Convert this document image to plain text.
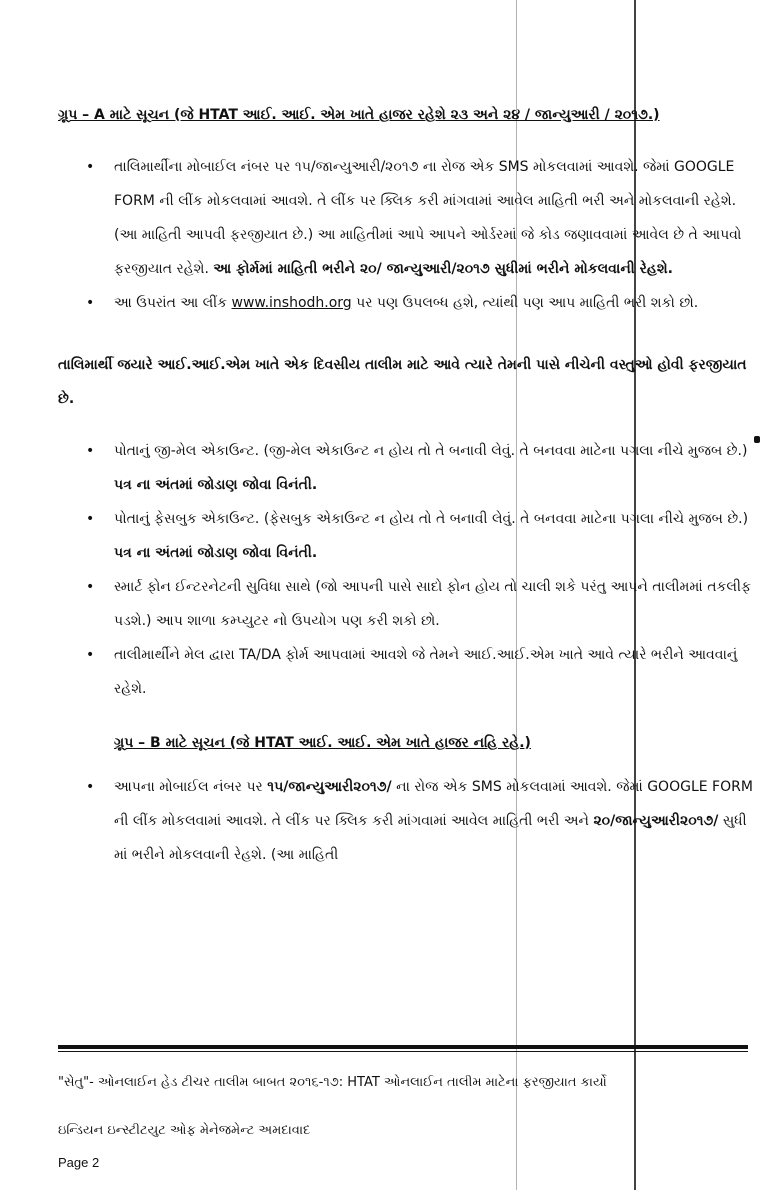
ગ્રૂપ – A માટે સૂચન (જે HTAT આઈ. આઈ. એમ ખાતે હાજર રહેશે ૨૩ અને ૨૪ / જાન્યુઆરી / ૨૦૧૭.)

• તાલિમાર્થીના મોબાઈલ નંબર પર ૧૫/જાન્યુઆરી/૨૦૧૭ ના રોજ એક SMS મોકલવામાં આવશે. જેમાં GOOGLE FORM ની લીંક મોકલવામાં આવશે. તે લીંક પર ક્લિક કરી માંગવામાં આવેલ માહિતી ભરી અને મોકલવાની રહેશે. (આ માહિતી આપવી ફરજીયાત છે.) આ માહિતીમાં આપે આપને ઓર્ડરમાં જે કોડ જણાવવામાં આવેલ છે તે આપવો ફરજીયાત રહેશે. આ ફોર્મમાં માહિતી ભરીને ૨૦/ જાન્યુઆરી/૨૦૧૭ સુધીમાં ભરીને મોકલવાની રેહશે.
• આ ઉપરાંત આ લીંક www.inshodh.org પર પણ ઉપલબ્ધ હશે, ત્યાંથી પણ આપ માહિતી ભરી શકો છો.

તાલિમાર્થી જયારે આઈ.આઈ.એમ ખાતે એક દિવસીય તાલીમ માટે આવે ત્યારે તેમની પાસે નીચેની વસ્તુઓ હોવી ફરજીયાત છે.

• પોતાનું જી-મેલ એકાઉન્ટ. (જી-મેલ એકાઉન્ટ ન હોય તો તે બનાવી લેવું. તે બનવવા માટેના પગલા નીચે મુજબ છે.) પત્ર ના અંતમાં જોડાણ જોવા વિનંતી.
• પોતાનું ફેસબુક એકાઉન્ટ. (ફેસબુક એકાઉન્ટ ન હોય તો તે બનાવી લેવું. તે બનવવા માટેના પગલા નીચે મુજબ છે.) પત્ર ના અંતમાં જોડાણ જોવા વિનંતી.
• સ્માર્ટ ફોન ઈન્ટરનેટની સુવિધા સાથે (જો આપની પાસે સાદો ફોન હોય તો ચાલી શકે પરંતુ આપને તાલીમમાં તકલીફ પડશે.) આપ શાળા કમ્પ્યુટર નો ઉપયોગ પણ કરી શકો છો.
• તાલીમાર્થીને મેલ દ્વારા TA/DA ફોર્મ આપવામાં આવશે જે તેમને આઈ.આઈ.એમ ખાતે આવે ત્યારે ભરીને આવવાનું રહેશે.

ગ્રૂપ – B માટે સૂચન (જે HTAT આઈ. આઈ. એમ ખાતે હાજર નહિ રહે.)

• આપના મોબાઈલ નંબર પર ૧૫/જાન્યુઆરી૨૦૧૭/ ના રોજ એક SMS મોકલવામાં આવશે. જેમાં GOOGLE FORM ની લીંક મોકલવામાં આવશે. તે લીંક પર ક્લિક કરી માંગવામાં આવેલ માહિતી ભરી અને ૨૦/જાન્યુઆરી૨૦૧૭/ સુધી માં ભરીને મોકલવાની રેહશે. (આ માહિતી
"સેતુ"- ઓનલાઈન હેડ ટીચર તાલીમ બાબત ૨૦૧૬-૧૭: HTAT ઓનલાઈન તાલીમ માટેના ફરજીયાત કાર્યો
ઇન્ડિયન ઇન્સ્ટીટયુટ ઓફ મેનેજમેન્ટ અમદાવાદ
Page 2
